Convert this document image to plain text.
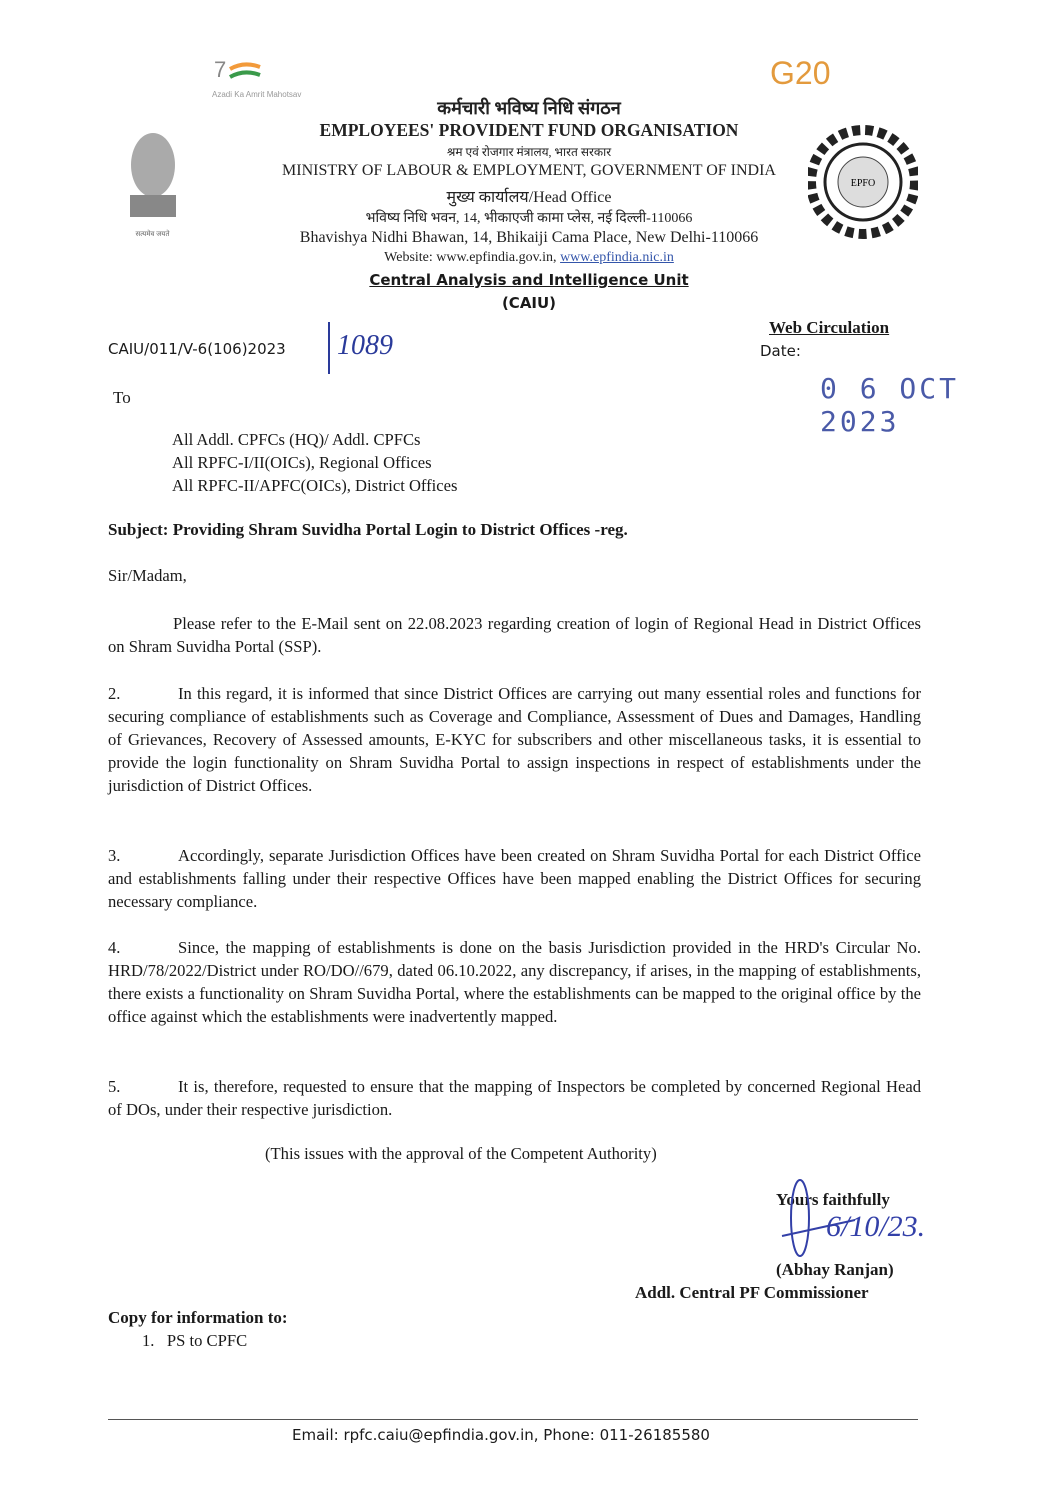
7
Azadi Ka Amrit Mahotsav
G20
सत्यमेव जयते
EPFO
कर्मचारी भविष्य निधि संगठन
EMPLOYEES' PROVIDENT FUND ORGANISATION
श्रम एवं रोजगार मंत्रालय, भारत सरकार
MINISTRY OF LABOUR & EMPLOYMENT, GOVERNMENT OF INDIA
मुख्य कार्यालय/Head Office
भविष्य निधि भवन, 14, भीकाएजी कामा प्लेस, नई दिल्ली-110066
Bhavishya Nidhi Bhawan, 14, Bhikaiji Cama Place, New Delhi-110066
Website: www.epfindia.gov.in, www.epfindia.nic.in
Central Analysis and Intelligence Unit
(CAIU)
CAIU/011/V-6(106)2023 1089
Web Circulation
Date:
0 6 OCT 2023
To
All Addl. CPFCs (HQ)/ Addl. CPFCs
All RPFC-I/II(OICs), Regional Offices
All RPFC-II/APFC(OICs), District Offices
Subject: Providing Shram Suvidha Portal Login to District Offices -reg.
Sir/Madam,
Please refer to the E-Mail sent on 22.08.2023 regarding creation of login of Regional Head in District Offices on Shram Suvidha Portal (SSP).
2.	In this regard, it is informed that since District Offices are carrying out many essential roles and functions for securing compliance of establishments such as Coverage and Compliance, Assessment of Dues and Damages, Handling of Grievances, Recovery of Assessed amounts, E-KYC for subscribers and other miscellaneous tasks, it is essential to provide the login functionality on Shram Suvidha Portal to assign inspections in respect of establishments under the jurisdiction of District Offices.
3.	Accordingly, separate Jurisdiction Offices have been created on Shram Suvidha Portal for each District Office and establishments falling under their respective Offices have been mapped enabling the District Offices for securing necessary compliance.
4.	Since, the mapping of establishments is done on the basis Jurisdiction provided in the HRD's Circular No. HRD/78/2022/District under RO/DO//679, dated 06.10.2022, any discrepancy, if arises, in the mapping of establishments, there exists a functionality on Shram Suvidha Portal, where the establishments can be mapped to the original office by the office against which the establishments were inadvertently mapped.
5.	It is, therefore, requested to ensure that the mapping of Inspectors be completed by concerned Regional Head of DOs, under their respective jurisdiction.
(This issues with the approval of the Competent Authority)
Yours faithfully
6/10/23.
(Abhay Ranjan)
Addl. Central PF Commissioner
Copy for information to:
1.   PS to CPFC
Email: rpfc.caiu@epfindia.gov.in, Phone: 011-26185580
